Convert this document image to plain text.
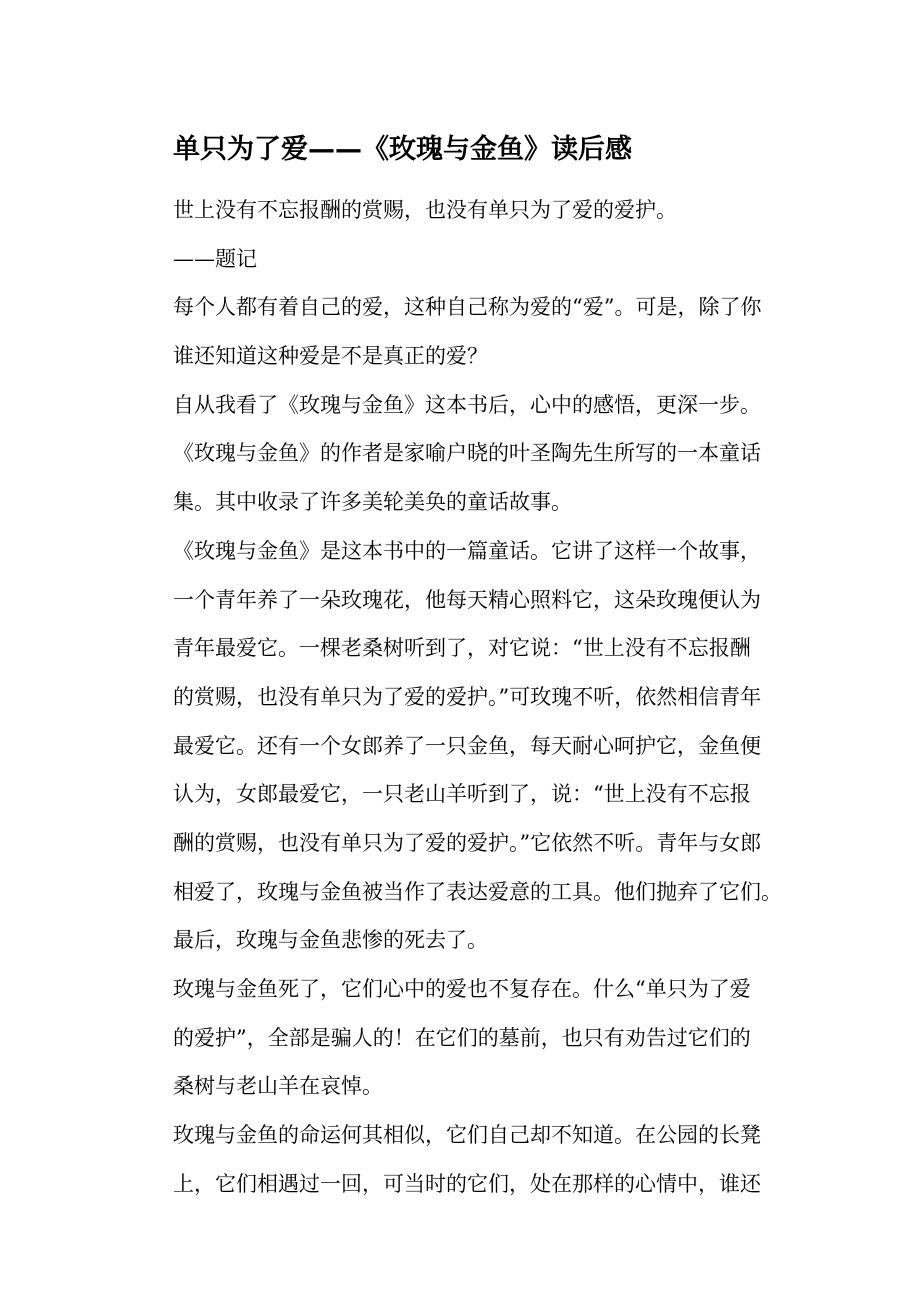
单只为了爱——《玫瑰与金鱼》读后感
世上没有不忘报酬的赏赐，也没有单只为了爱的爱护。
——题记
每个人都有着自己的爱，这种自己称为爱的“爱”。可是，除了你
谁还知道这种爱是不是真正的爱？
自从我看了《玫瑰与金鱼》这本书后，心中的感悟，更深一步。
《玫瑰与金鱼》的作者是家喻户晓的叶圣陶先生所写的一本童话
集。其中收录了许多美轮美奂的童话故事。
《玫瑰与金鱼》是这本书中的一篇童话。它讲了这样一个故事，
一个青年养了一朵玫瑰花，他每天精心照料它，这朵玫瑰便认为
青年最爱它。一棵老桑树听到了，对它说：“世上没有不忘报酬
的赏赐，也没有单只为了爱的爱护。”可玫瑰不听，依然相信青年
最爱它。还有一个女郎养了一只金鱼，每天耐心呵护它，金鱼便
认为，女郎最爱它，一只老山羊听到了，说：“世上没有不忘报
酬的赏赐，也没有单只为了爱的爱护。”它依然不听。青年与女郎
相爱了，玫瑰与金鱼被当作了表达爱意的工具。他们抛弃了它们。
最后，玫瑰与金鱼悲惨的死去了。
玫瑰与金鱼死了，它们心中的爱也不复存在。什么“单只为了爱
的爱护”，全部是骗人的！在它们的墓前，也只有劝告过它们的
桑树与老山羊在哀悼。
玫瑰与金鱼的命运何其相似，它们自己却不知道。在公园的长凳
上，它们相遇过一回，可当时的它们，处在那样的心情中，谁还
